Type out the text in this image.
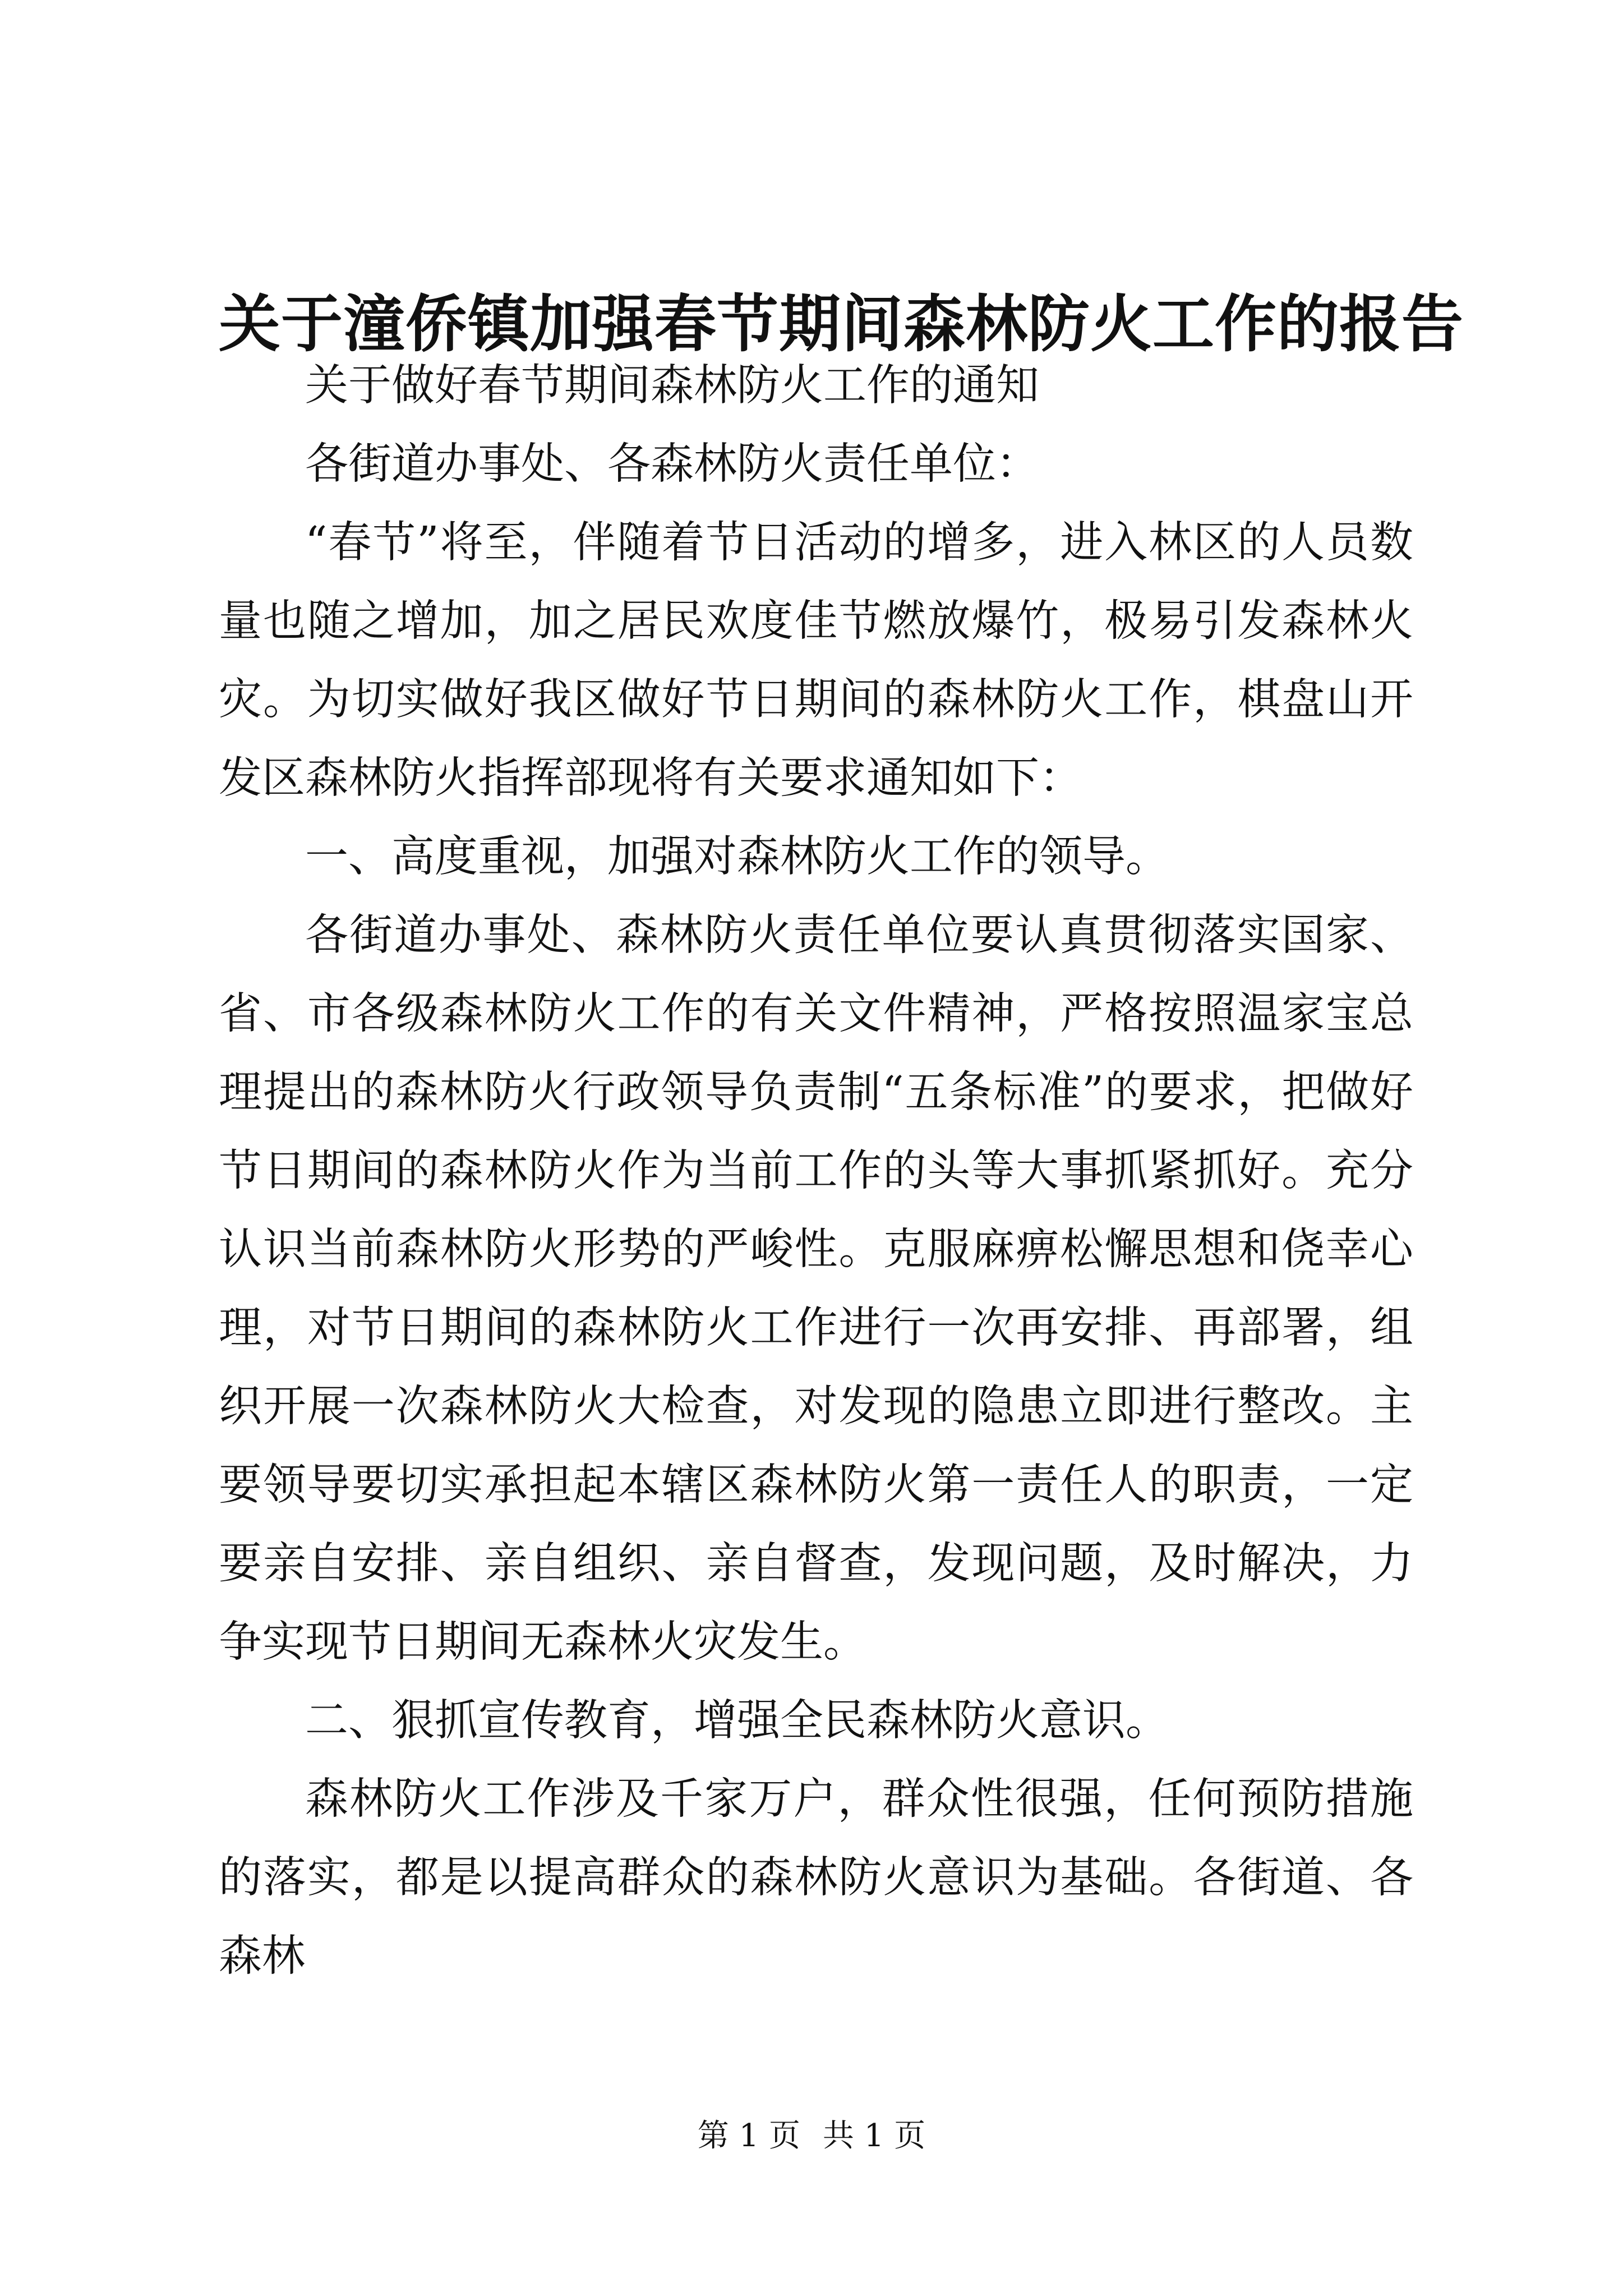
关于潼侨镇加强春节期间森林防火工作的报告

关于做好春节期间森林防火工作的通知

各街道办事处、各森林防火责任单位：

“春节”将至，伴随着节日活动的增多，进入林区的人员数量也随之增加，加之居民欢度佳节燃放爆竹，极易引发森林火灾。为切实做好我区做好节日期间的森林防火工作，棋盘山开发区森林防火指挥部现将有关要求通知如下：

一、高度重视，加强对森林防火工作的领导。

各街道办事处、森林防火责任单位要认真贯彻落实国家、省、市各级森林防火工作的有关文件精神，严格按照温家宝总理提出的森林防火行政领导负责制“五条标准”的要求，把做好节日期间的森林防火作为当前工作的头等大事抓紧抓好。充分认识当前森林防火形势的严峻性。克服麻痹松懈思想和侥幸心理，对节日期间的森林防火工作进行一次再安排、再部署，组织开展一次森林防火大检查，对发现的隐患立即进行整改。主要领导要切实承担起本辖区森林防火第一责任人的职责，一定要亲自安排、亲自组织、亲自督查，发现问题，及时解决，力争实现节日期间无森林火灾发生。

二、狠抓宣传教育，增强全民森林防火意识。

森林防火工作涉及千家万户，群众性很强，任何预防措施的落实，都是以提高群众的森林防火意识为基础。各街道、各森林

第 1 页 共 1 页
